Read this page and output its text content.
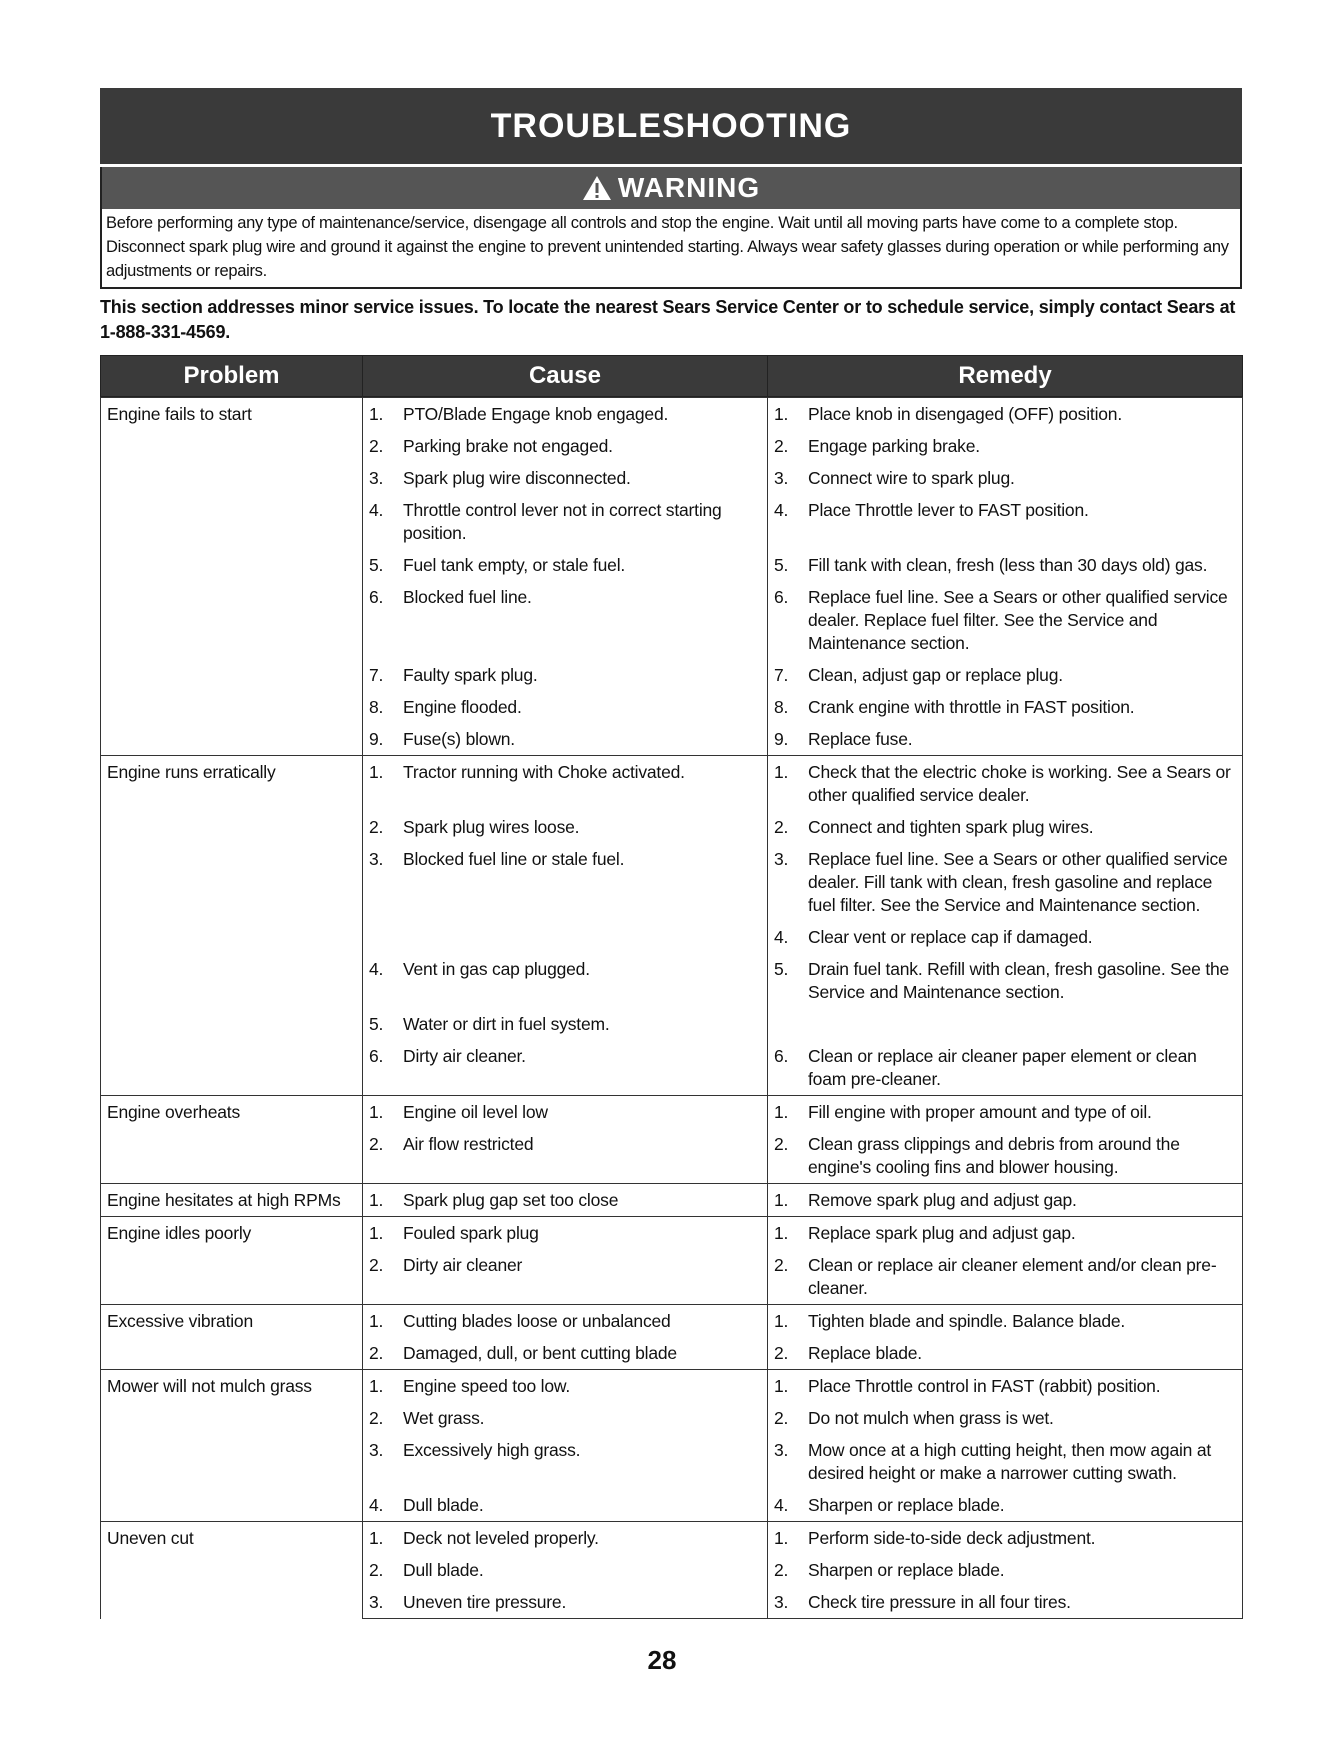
TROUBLESHOOTING
WARNING
Before performing any type of maintenance/service, disengage all controls and stop the engine. Wait until all moving parts have come to a complete stop. Disconnect spark plug wire and ground it against the engine to prevent unintended starting. Always wear safety glasses during operation or while performing any adjustments or repairs.
This section addresses minor service issues. To locate the nearest Sears Service Center or to schedule service, simply contact Sears at 1-888-331-4569.
Problem	Cause	Remedy
Engine fails to start	1. PTO/Blade Engage knob engaged.	1. Place knob in disengaged (OFF) position.

	2. Parking brake not engaged.	2. Engage parking brake.

	3. Spark plug wire disconnected.	3. Connect wire to spark plug.

	4. Throttle control lever not in correct starting position.	4. Place Throttle lever to FAST position.

	5. Fuel tank empty, or stale fuel.	5. Fill tank with clean, fresh (less than 30 days old) gas.

	6. Blocked fuel line.	6. Replace fuel line. See a Sears or other qualified service dealer. Replace fuel filter. See the Service and Maintenance section.

	7. Faulty spark plug.	7. Clean, adjust gap or replace plug.

	8. Engine flooded.	8. Crank engine with throttle in FAST position.

	9. Fuse(s) blown.	9. Replace fuse.

Engine runs erratically	1. Tractor running with Choke activated.	1. Check that the electric choke is working. See a Sears or other qualified service dealer.

	2. Spark plug wires loose.	2. Connect and tighten spark plug wires.

	3. Blocked fuel line or stale fuel.	3. Replace fuel line. See a Sears or other qualified service dealer. Fill tank with clean, fresh gasoline and replace fuel filter. See the Service and Maintenance section.

		4. Clear vent or replace cap if damaged.

	4. Vent in gas cap plugged.	5. Drain fuel tank. Refill with clean, fresh gasoline. See the Service and Maintenance section.

	5. Water or dirt in fuel system.	

	6. Dirty air cleaner.	6. Clean or replace air cleaner paper element or clean foam pre-cleaner.

Engine overheats	1. Engine oil level low	1. Fill engine with proper amount and type of oil.

	2. Air flow restricted	2. Clean grass clippings and debris from around the engine's cooling fins and blower housing.

Engine hesitates at high RPMs	1. Spark plug gap set too close	1. Remove spark plug and adjust gap.

Engine idles poorly	1. Fouled spark plug	1. Replace spark plug and adjust gap.

	2. Dirty air cleaner	2. Clean or replace air cleaner element and/or clean pre-cleaner.

Excessive vibration	1. Cutting blades loose or unbalanced	1. Tighten blade and spindle. Balance blade.

	2. Damaged, dull, or bent cutting blade	2. Replace blade.

Mower will not mulch grass	1. Engine speed too low.	1. Place Throttle control in FAST (rabbit) position.

	2. Wet grass.	2. Do not mulch when grass is wet.

	3. Excessively high grass.	3. Mow once at a high cutting height, then mow again at desired height or make a narrower cutting swath.

	4. Dull blade.	4. Sharpen or replace blade.

Uneven cut	1. Deck not leveled properly.	1. Perform side-to-side deck adjustment.

	2. Dull blade.	2. Sharpen or replace blade.

	3. Uneven tire pressure.	3. Check tire pressure in all four tires.
28
